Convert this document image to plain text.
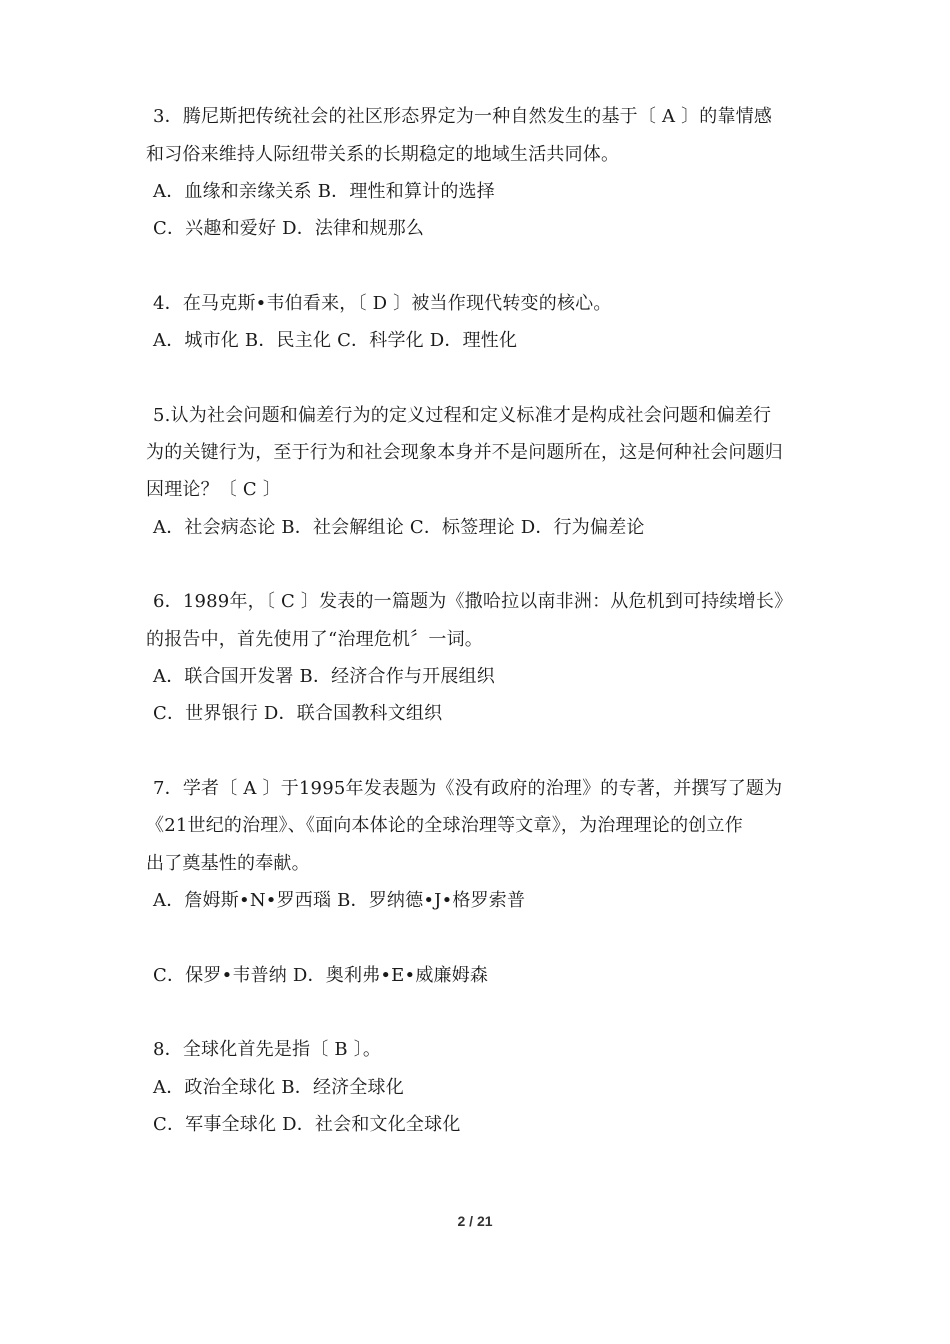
3．腾尼斯把传统社会的社区形态界定为一种自然发生的基于〔 A 〕的靠情感
和习俗来维持人际纽带关系的长期稳定的地域生活共同体。
A．血缘和亲缘关系 B．理性和算计的选择
C．兴趣和爱好 D．法律和规那么
4．在马克斯•韦伯看来，〔 D 〕被当作现代转变的核心。
A．城市化 B．民主化 C．科学化 D．理性化
5.认为社会问题和偏差行为的定义过程和定义标准才是构成社会问题和偏差行
为的关键行为，至于行为和社会现象本身并不是问题所在，这是何种社会问题归
因理论？〔 C 〕
A．社会病态论 B．社会解组论 C．标签理论 D．行为偏差论
6．1989年，〔 C 〕发表的一篇题为《撒哈拉以南非洲：从危机到可持续增长》
的报告中，首先使用了“治理危机〞一词。
A．联合国开发署 B．经济合作与开展组织
C．世界银行 D．联合国教科文组织
7．学者〔 A 〕于1995年发表题为《没有政府的治理》的专著，并撰写了题为
《21世纪的治理》、《面向本体论的全球治理等文章》，为治理理论的创立作
出了奠基性的奉献。
A．詹姆斯•N•罗西瑙 B．罗纳德•J•格罗索普
C．保罗•韦普纳 D．奥利弗•E•威廉姆森
8．全球化首先是指〔 B 〕。
A．政治全球化 B．经济全球化
C．军事全球化 D．社会和文化全球化
2 / 21
